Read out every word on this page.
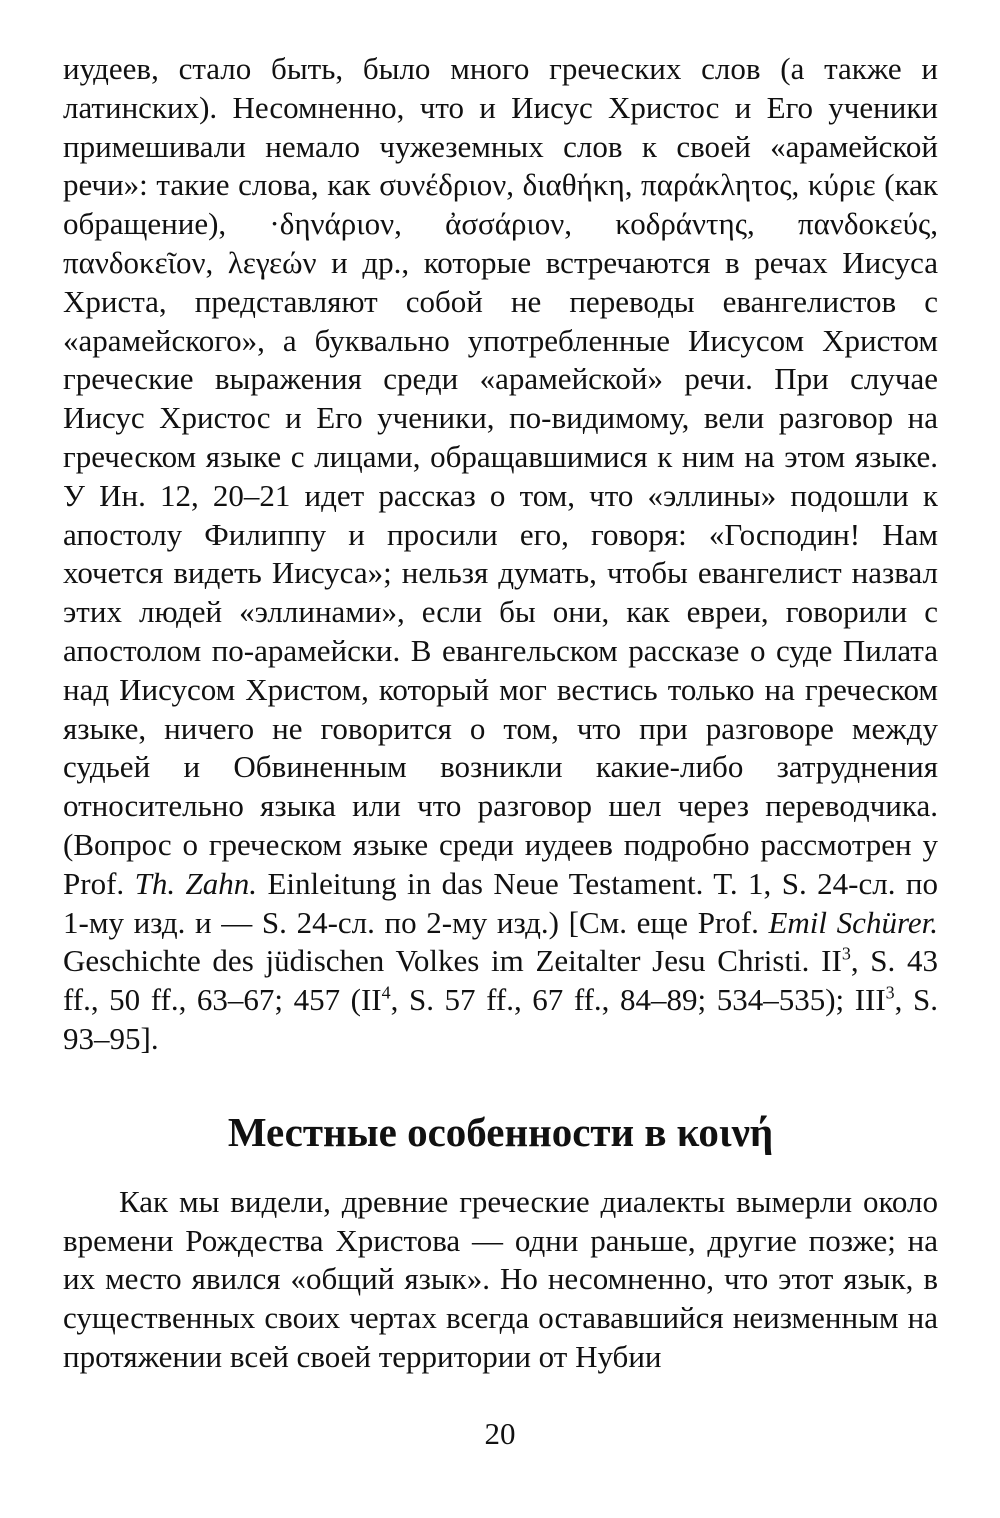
иудеев, стало быть, было много греческих слов (а также и латинских). Несомненно, что и Иисус Христос и Его ученики примешивали немало чужеземных слов к своей «арамейской речи»: такие слова, как συνέδριον, διαθήκη, παράκλητος, κύριε (как обращение), ·δηνάριον, ἀσσάριον, κοδράντης, πανδοκεύς, πανδοκεῖον, λεγεών и др., которые встречаются в речах Иисуса Христа, представляют собой не переводы евангелистов с «арамейского», а буквально употребленные Иисусом Христом греческие выражения среди «арамейской» речи. При случае Иисус Христос и Его ученики, по-видимому, вели разговор на греческом языке с лицами, обращавшимися к ним на этом языке. У Ин. 12, 20–21 идет рассказ о том, что «эллины» подошли к апостолу Филиппу и просили его, говоря: «Господин! Нам хочется видеть Иисуса»; нельзя думать, чтобы евангелист назвал этих людей «эллинами», если бы они, как евреи, говорили с апостолом по-арамейски. В евангельском рассказе о суде Пилата над Иисусом Христом, который мог вестись только на греческом языке, ничего не говорится о том, что при разговоре между судьей и Обвиненным возникли какие-либо затруднения относительно языка или что разговор шел через переводчика. (Вопрос о греческом языке среди иудеев подробно рассмотрен у Prof. Th. Zahn. Einleitung in das Neue Testament. T. 1, S. 24-сл. по 1-му изд. и — S. 24-сл. по 2-му изд.) [См. еще Prof. Emil Schürer. Geschichte des jüdischen Volkes im Zeitalter Jesu Christi. $II^3$, S. 43 ff., 50 ff., 63–67; 457 ($II^4$, S. 57 ff., 67 ff., 84–89; 534–535); III$^3$, S. 93–95].

Местные особенности в κοινή

Как мы видели, древние греческие диалекты вымерли около времени Рождества Христова — одни раньше, другие позже; на их место явился «общий язык». Но несомненно, что этот язык, в существенных своих чертах всегда остававшийся неизменным на протяжении всей своей территории от Нубии

20
